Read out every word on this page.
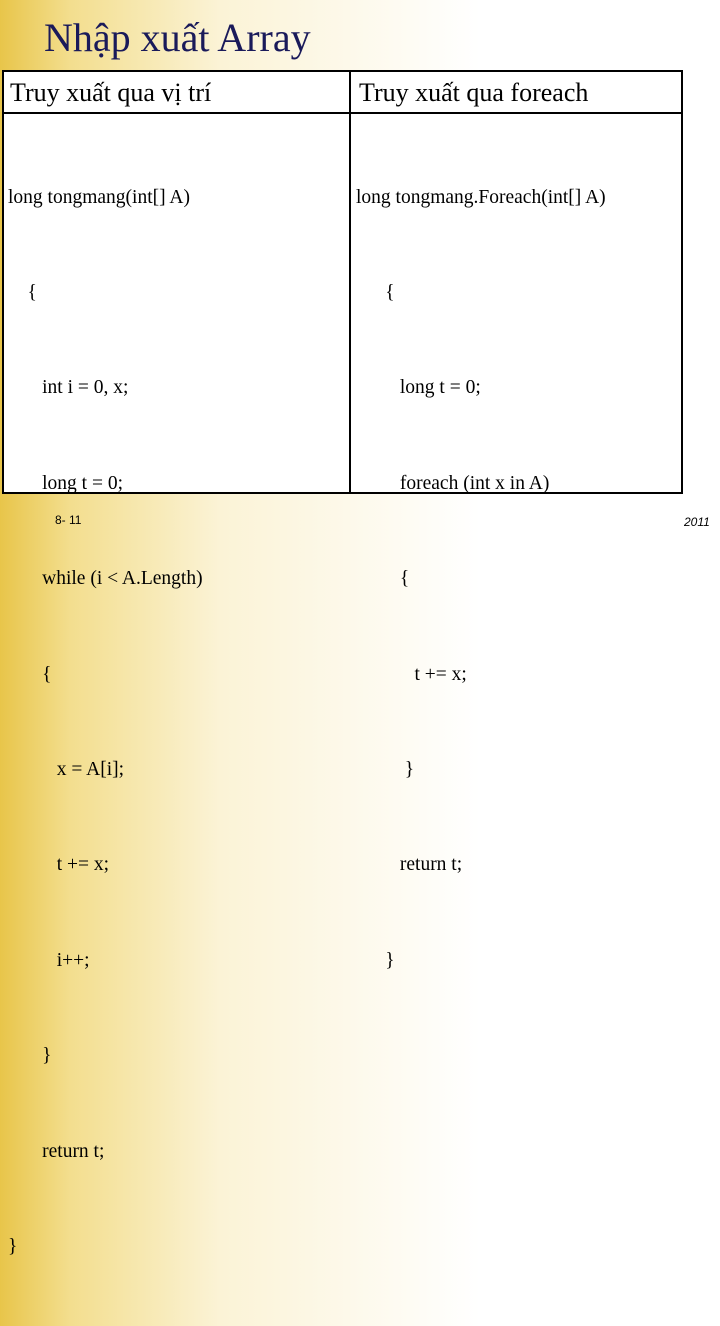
Nhập xuất Array
Truy xuất qua vị trí	Truy xuất qua foreach

long tongmang(int[] A)

{

int i = 0, x;

long t = 0;

while (i < A.Length)

{

x = A[i];

t += x;

i++;

}

return t;

}

long tongmang.Foreach(int[] A)

{

long t = 0;

foreach (int x in A)

{

t += x;

}

return t;

}

8- 11	2011
